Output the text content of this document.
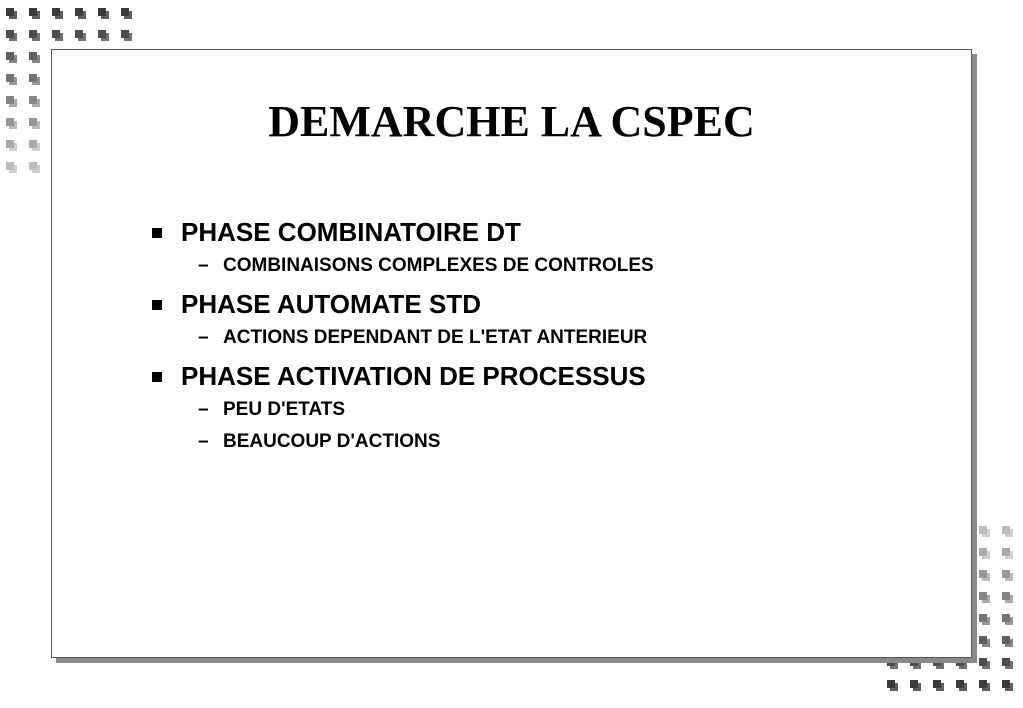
DEMARCHE LA CSPEC
PHASE COMBINATOIRE DT
– COMBINAISONS COMPLEXES DE CONTROLES
PHASE AUTOMATE STD
– ACTIONS DEPENDANT DE L'ETAT ANTERIEUR
PHASE ACTIVATION DE PROCESSUS
– PEU D'ETATS
– BEAUCOUP D'ACTIONS
